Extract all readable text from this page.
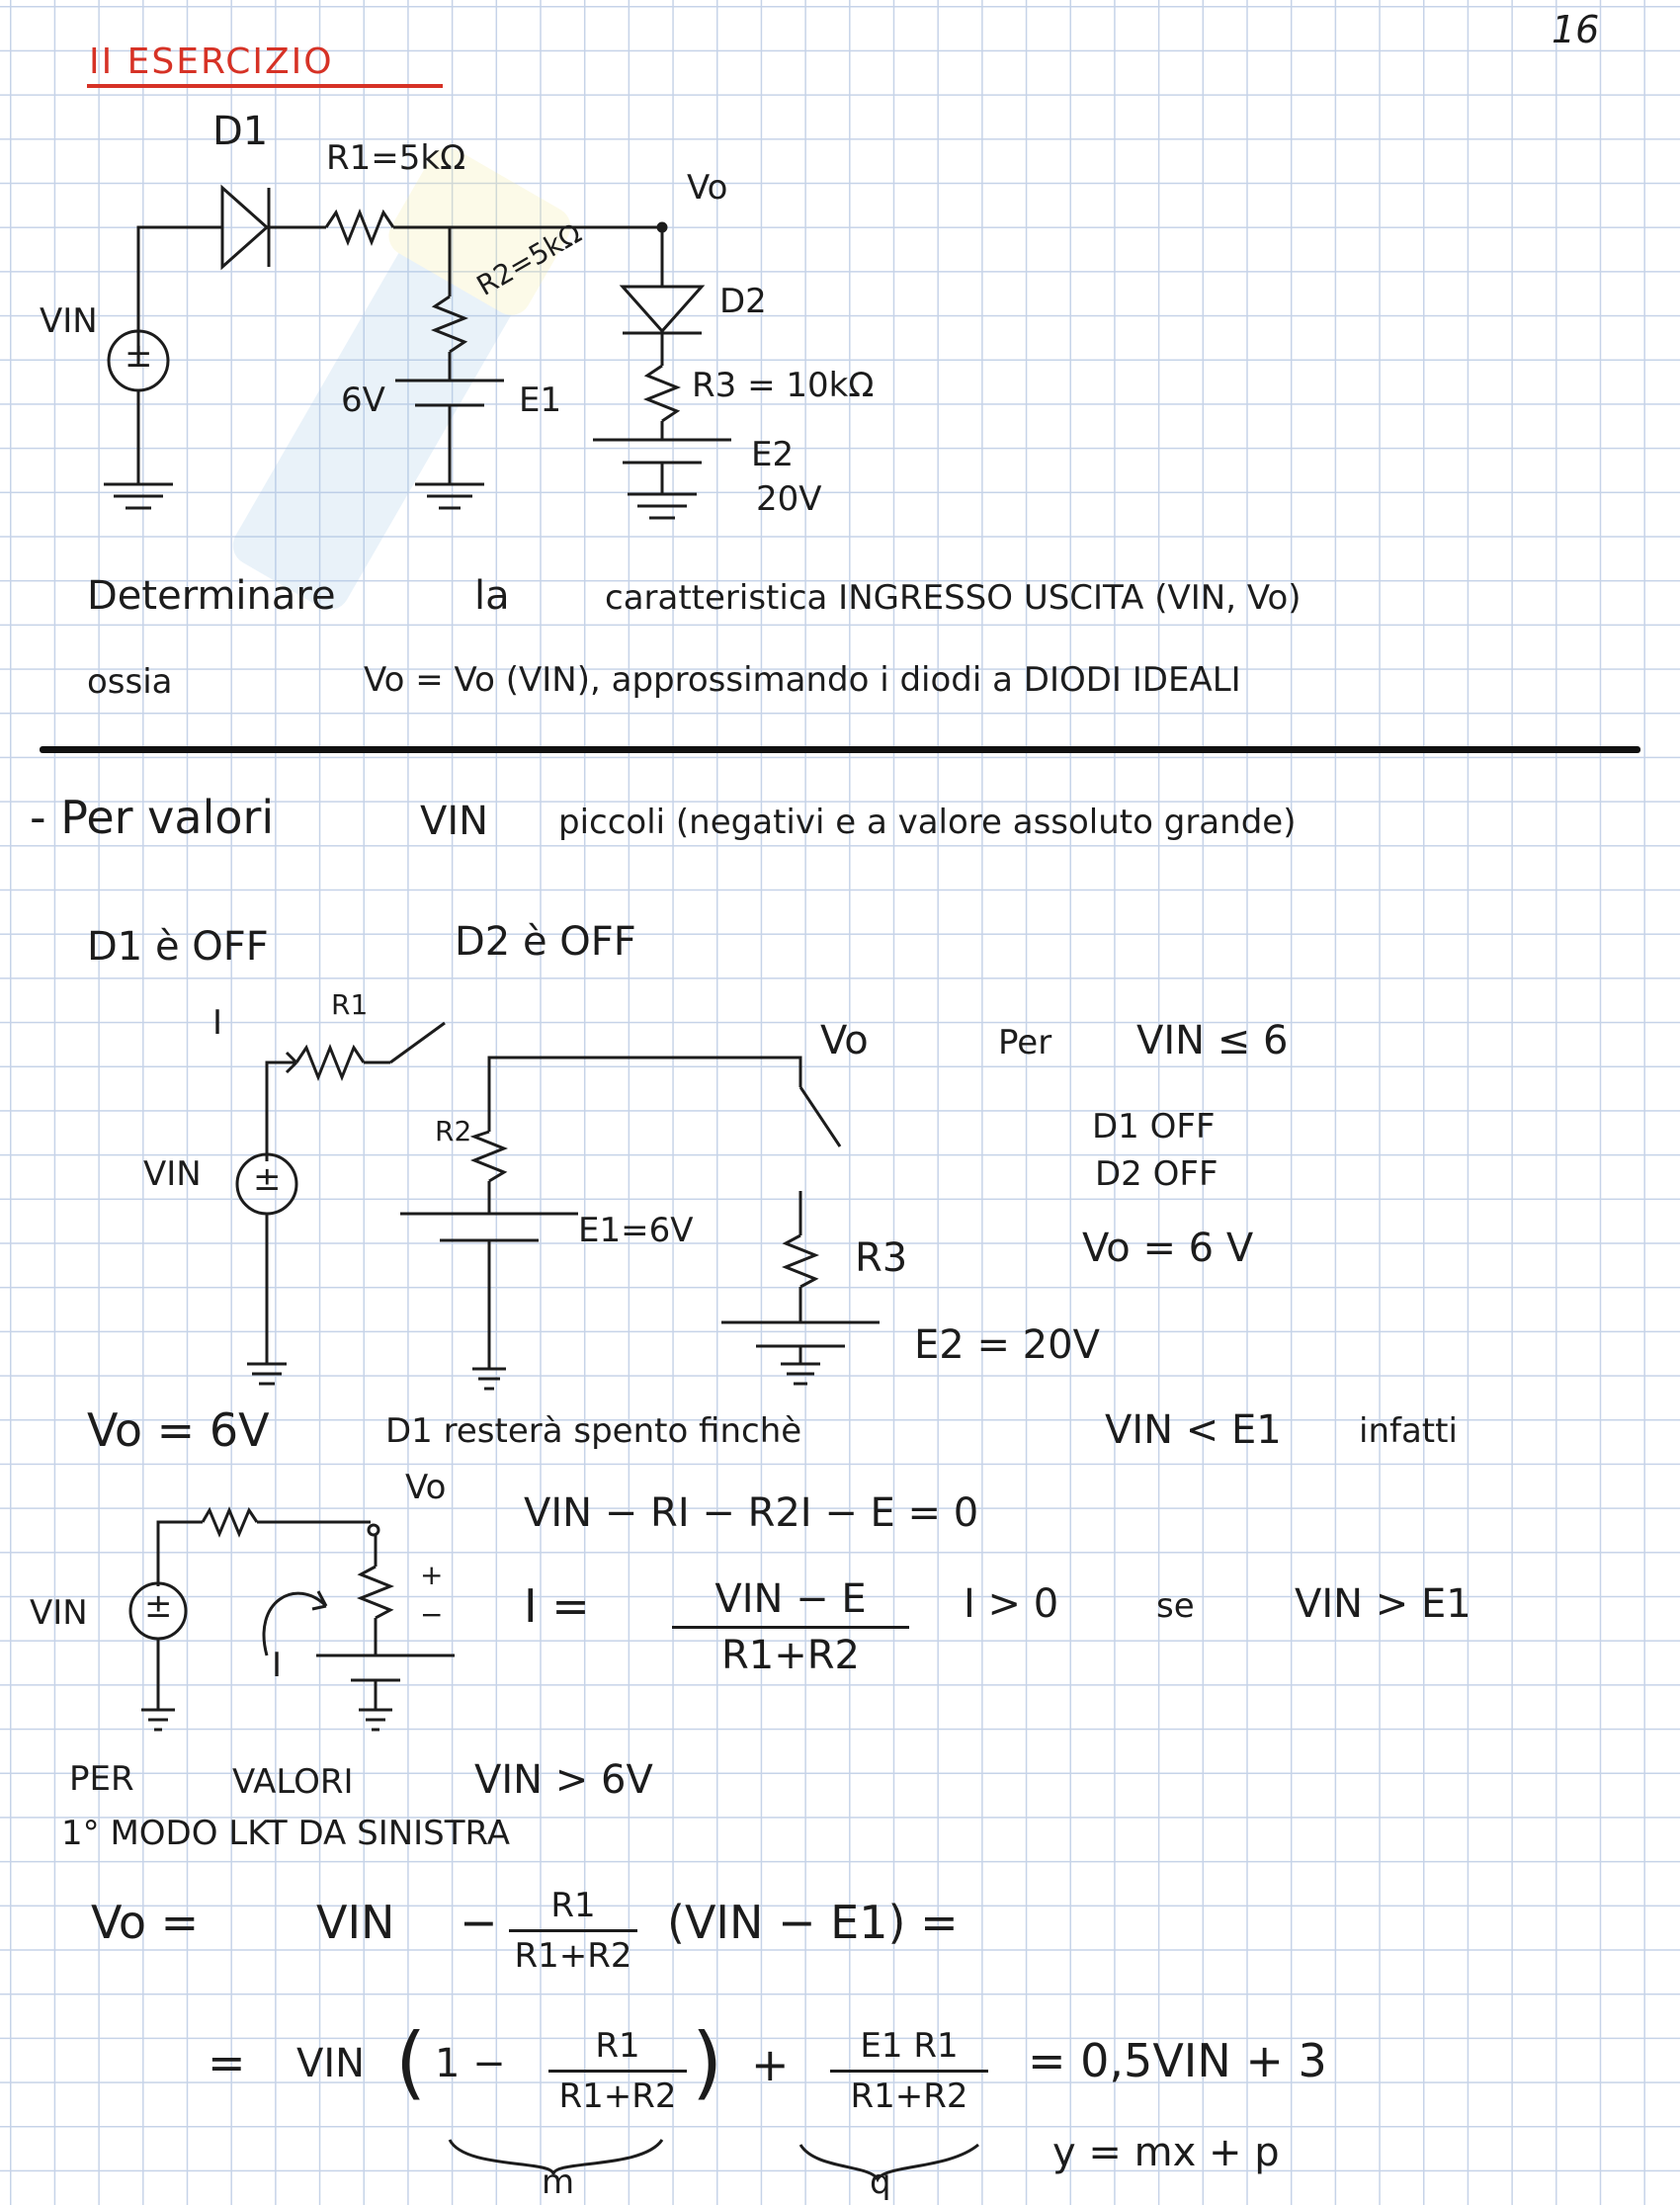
16
II ESERCIZIO
±
D1
R1=5kΩ
Vo
R2=5kΩ	D2
VIN
6V	E1	R3 = 10kΩ
E2
20V
Determinare	la	caratteristica INGRESSO USCITA (VIN, Vo)
ossia	Vo = Vo (VIN), approssimando i diodi a DIODI IDEALI
- Per valori	VIN piccoli (negativi e a valore assoluto grande)
D1 è OFF	D2 è OFF
±
I	R1
Vo
R2
VIN
E1=6V
R3
E2 = 20V
Per VIN ≤ 6
D1 OFF
D2 OFF
Vo = 6 V
Vo = 6V	D1 resterà spento finchè	VIN < E1 infatti
VIN − RI − R2I − E = 0
±
Vo
VIN
I
+
− I =	VIN − E
R1+R2
I > 0	se	VIN > E1
PER	VALORI	VIN > 6V
1° MODO LKT DA SINISTRA
Vo =	VIN −	R1
R1+R2
(VIN − E1) =
= VIN ( 1 −	R1
R1+R2 ) +	E1 R1
R1+R2
= 0,5VIN + 3
m	q
y = mx + p
